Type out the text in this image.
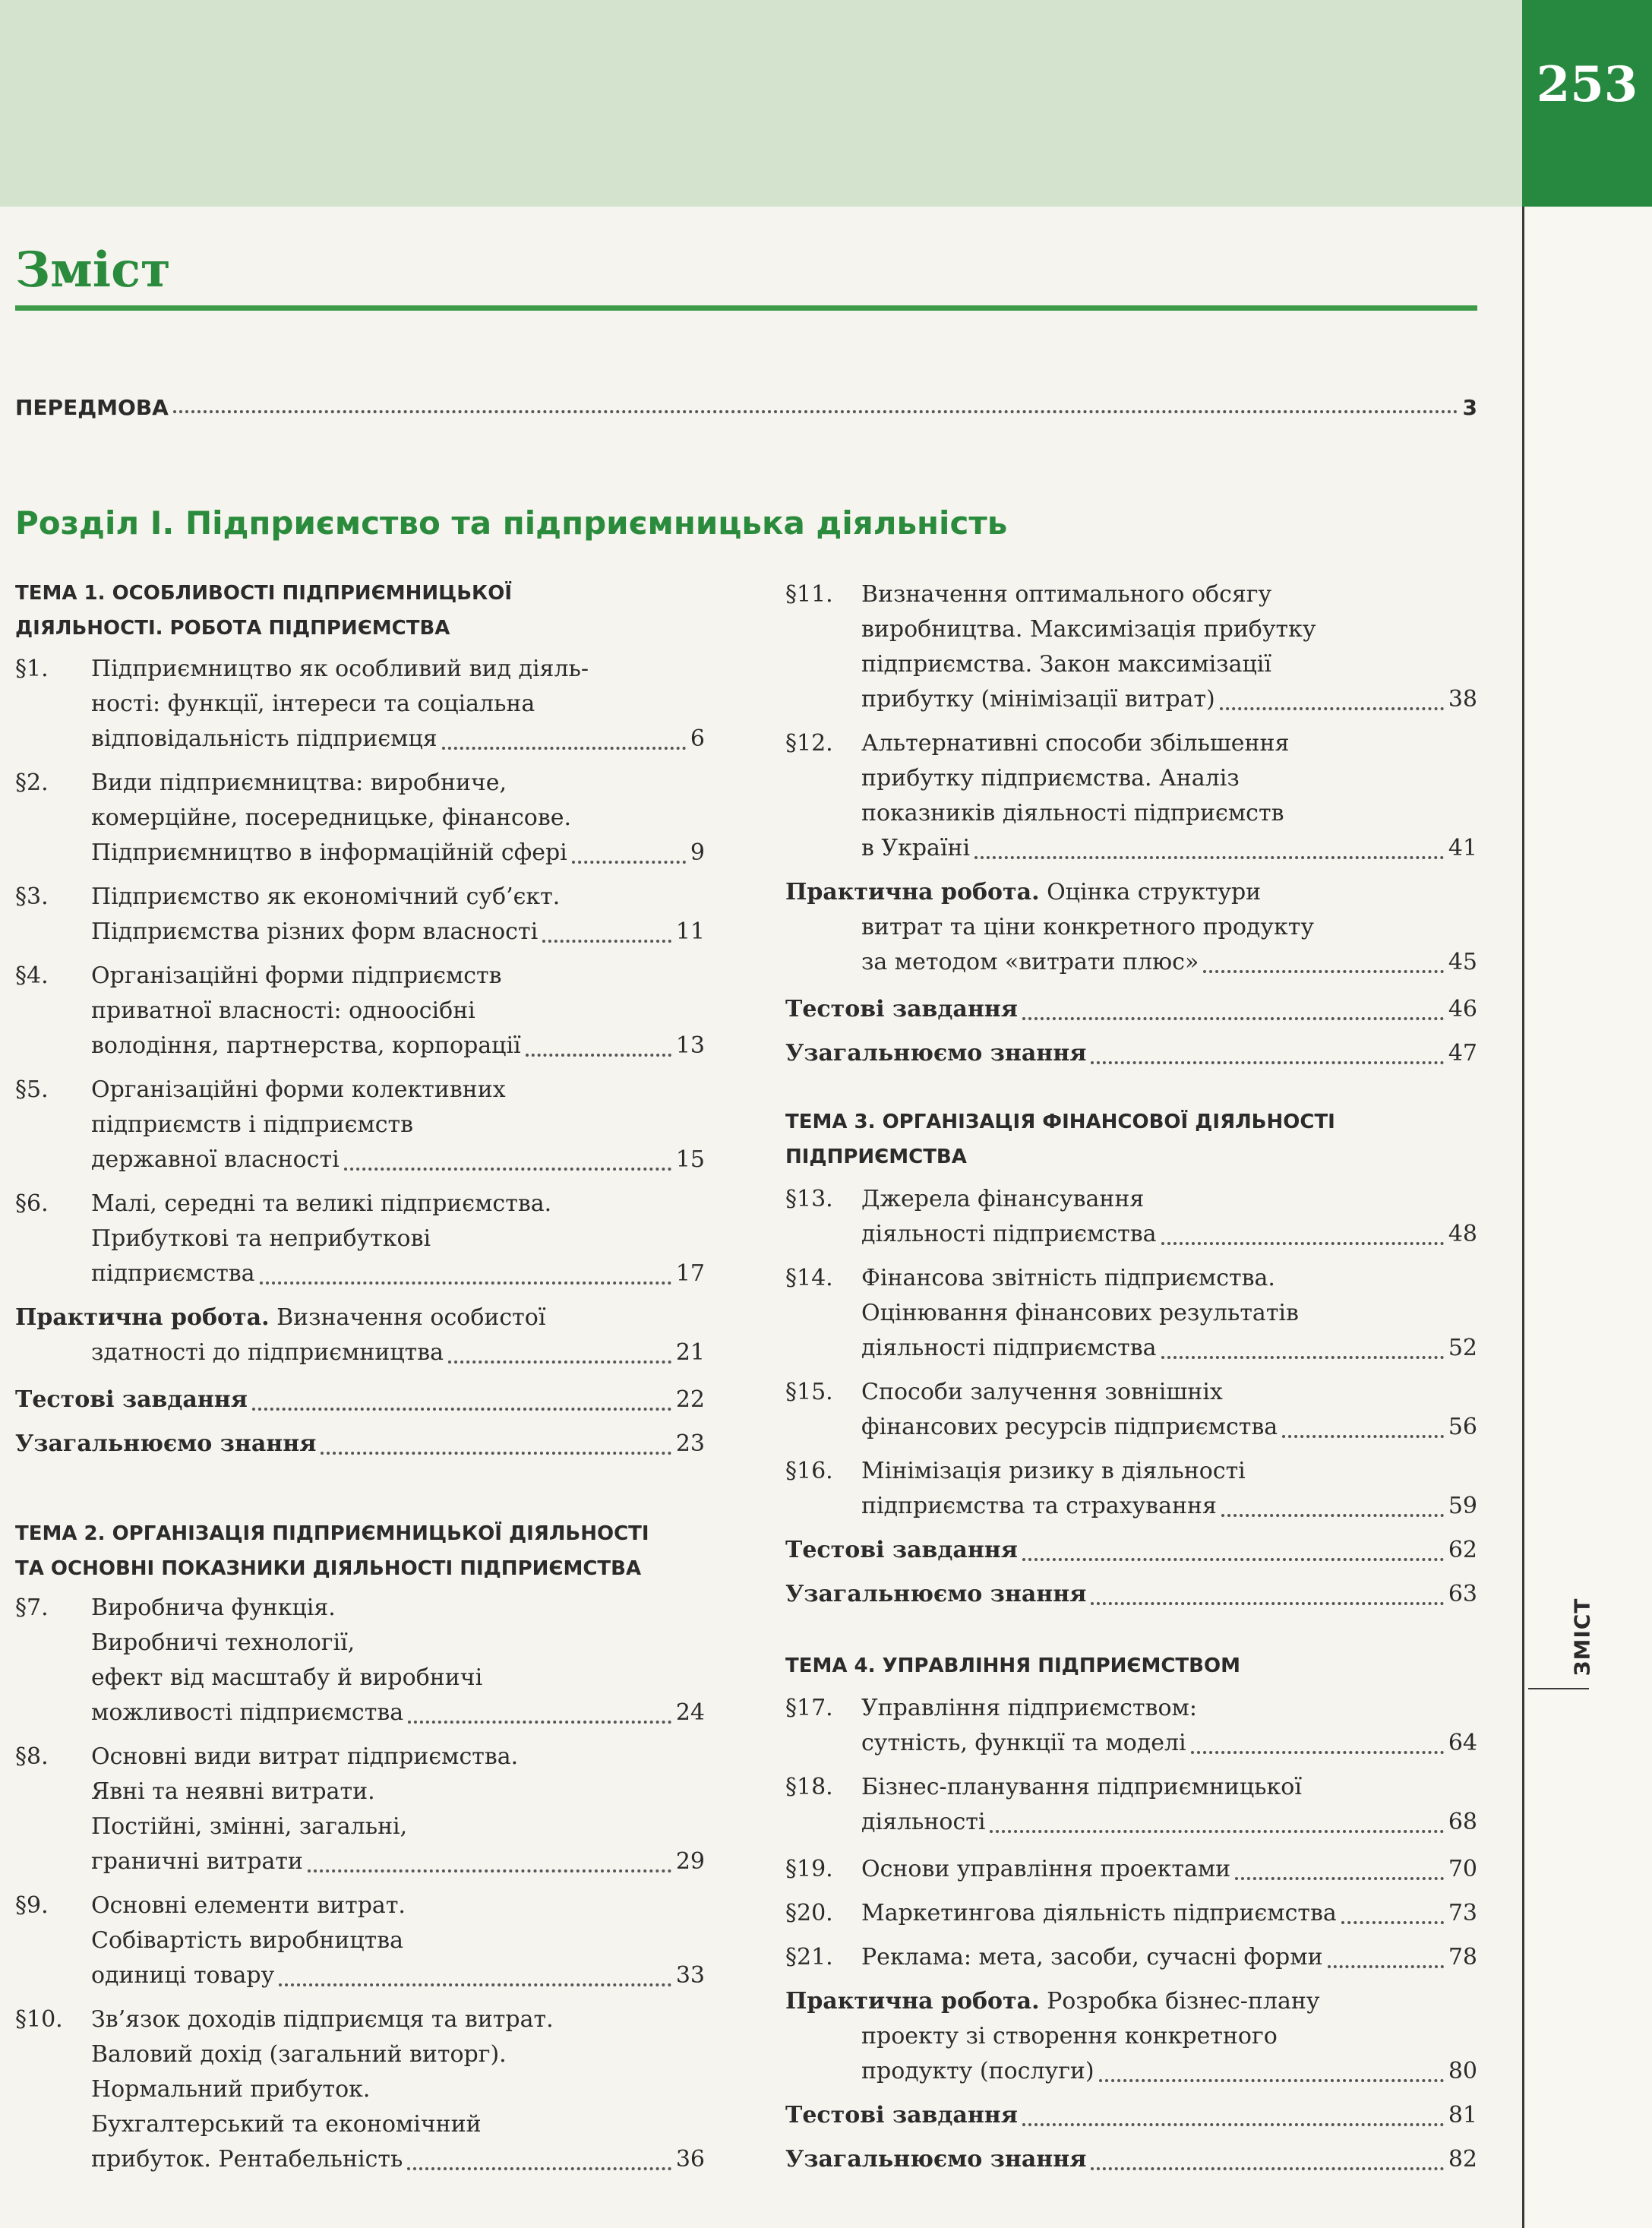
253
ЗМІСТ
Зміст
ПЕРЕДМОВА	3
Розділ І. Підприємство та підприємницька діяльність
ТЕМА 1. ОСОБЛИВОСТІ ПІДПРИЄМНИЦЬКОЇ
ДІЯЛЬНОСТІ. РОБОТА ПІДПРИЄМСТВА
§1. Підприємництво як особливий вид діяль-
ності: функції, інтереси та соціальна
відповідальність підприємця	6
§2. Види підприємництва: виробниче,
комерційне, посередницьке, фінансове.
Підприємництво в інформаційній сфері	9
§3. Підприємство як економічний суб’єкт.
Підприємства різних форм власності	11
§4. Організаційні форми підприємств
приватної власності: одноосібні
володіння, партнерства, корпорації	13
§5. Організаційні форми колективних
підприємств і підприємств
державної власності	15
§6. Малі, середні та великі підприємства.
Прибуткові та неприбуткові
підприємства	17
Практична робота. Визначення особистої
здатності до підприємництва	21
Тестові завдання	22
Узагальнюємо знання	23
ТЕМА 2. ОРГАНІЗАЦІЯ ПІДПРИЄМНИЦЬКОЇ ДІЯЛЬНОСТІ
ТА ОСНОВНІ ПОКАЗНИКИ ДІЯЛЬНОСТІ ПІДПРИЄМСТВА
§7. Виробнича функція.
Виробничі технології,
ефект від масштабу й виробничі
можливості підприємства	24
§8. Основні види витрат підприємства.
Явні та неявні витрати.
Постійні, змінні, загальні,
граничні витрати	29
§9. Основні елементи витрат.
Собівартість виробництва
одиниці товару	33
§10. Зв’язок доходів підприємця та витрат.
Валовий дохід (загальний виторг).
Нормальний прибуток.
Бухгалтерський та економічний
прибуток. Рентабельність	36
§11. Визначення оптимального обсягу
виробництва. Максимізація прибутку
підприємства. Закон максимізації
прибутку (мінімізації витрат)	38
§12. Альтернативні способи збільшення
прибутку підприємства. Аналіз
показників діяльності підприємств
в Україні	41
Практична робота. Оцінка структури
витрат та ціни конкретного продукту
за методом «витрати плюс»	45
Тестові завдання	46
Узагальнюємо знання	47
ТЕМА 3. ОРГАНІЗАЦІЯ ФІНАНСОВОЇ ДІЯЛЬНОСТІ
ПІДПРИЄМСТВА
§13. Джерела фінансування
діяльності підприємства	48
§14. Фінансова звітність підприємства.
Оцінювання фінансових результатів
діяльності підприємства	52
§15. Способи залучення зовнішніх
фінансових ресурсів підприємства	56
§16. Мінімізація ризику в діяльності
підприємства та страхування	59
Тестові завдання	62
Узагальнюємо знання	63
ТЕМА 4. УПРАВЛІННЯ ПІДПРИЄМСТВОМ
§17. Управління підприємством:
сутність, функції та моделі	64
§18. Бізнес-планування підприємницької
діяльності	68
§19. Основи управління проектами	70
§20. Маркетингова діяльність підприємства	73
§21. Реклама: мета, засоби, сучасні форми	78
Практична робота. Розробка бізнес-плану
проекту зі створення конкретного
продукту (послуги)	80
Тестові завдання	81
Узагальнюємо знання	82
